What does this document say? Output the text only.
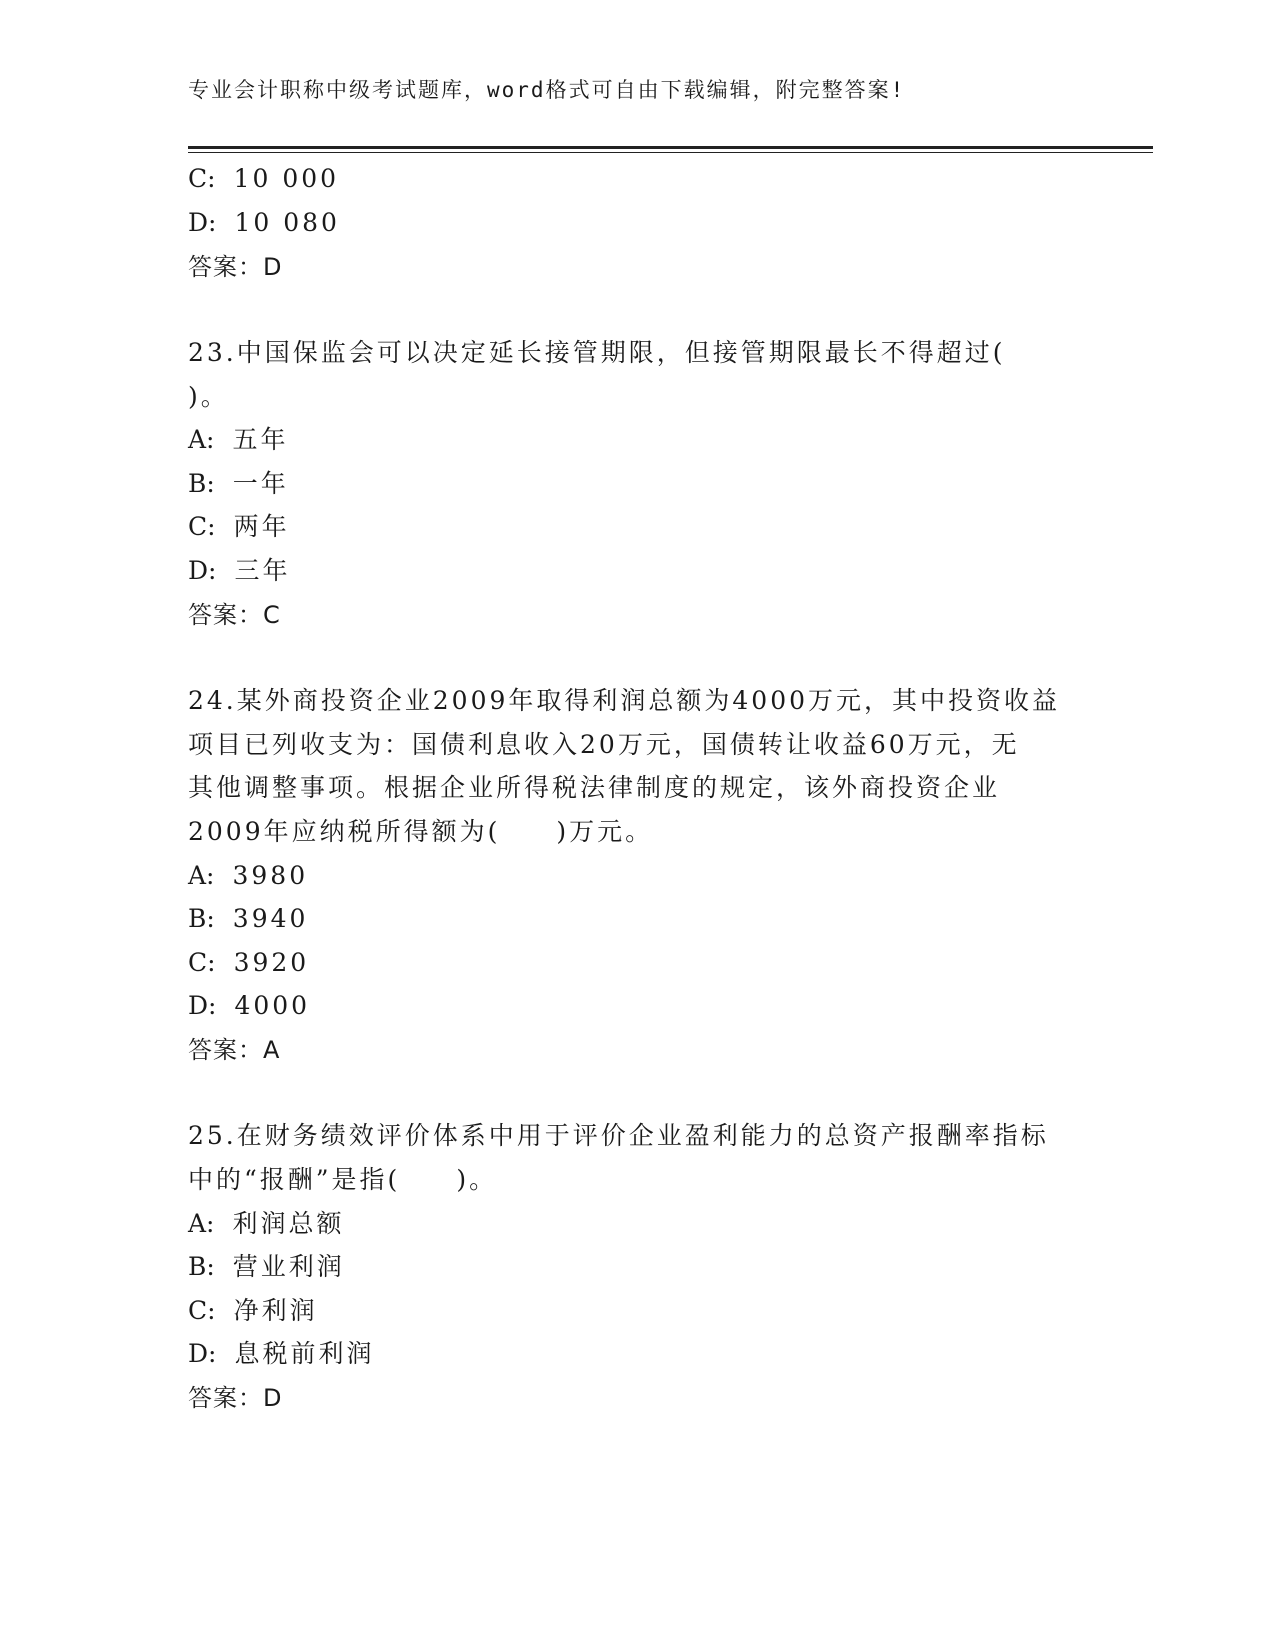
专业会计职称中级考试题库，word格式可自由下载编辑，附完整答案!
C: 10 000
D: 10 080
答案：D
23.中国保监会可以决定延长接管期限，但接管期限最长不得超过(
)。
A: 五年
B: 一年
C: 两年
D: 三年
答案：C
24.某外商投资企业2009年取得利润总额为4000万元，其中投资收益
项目已列收支为：国债利息收入20万元，国债转让收益60万元，无
其他调整事项。根据企业所得税法律制度的规定，该外商投资企业
2009年应纳税所得额为(　　)万元。
A: 3980
B: 3940
C: 3920
D: 4000
答案：A
25.在财务绩效评价体系中用于评价企业盈利能力的总资产报酬率指标
中的“报酬”是指(　　)。
A: 利润总额
B: 营业利润
C: 净利润
D: 息税前利润
答案：D
